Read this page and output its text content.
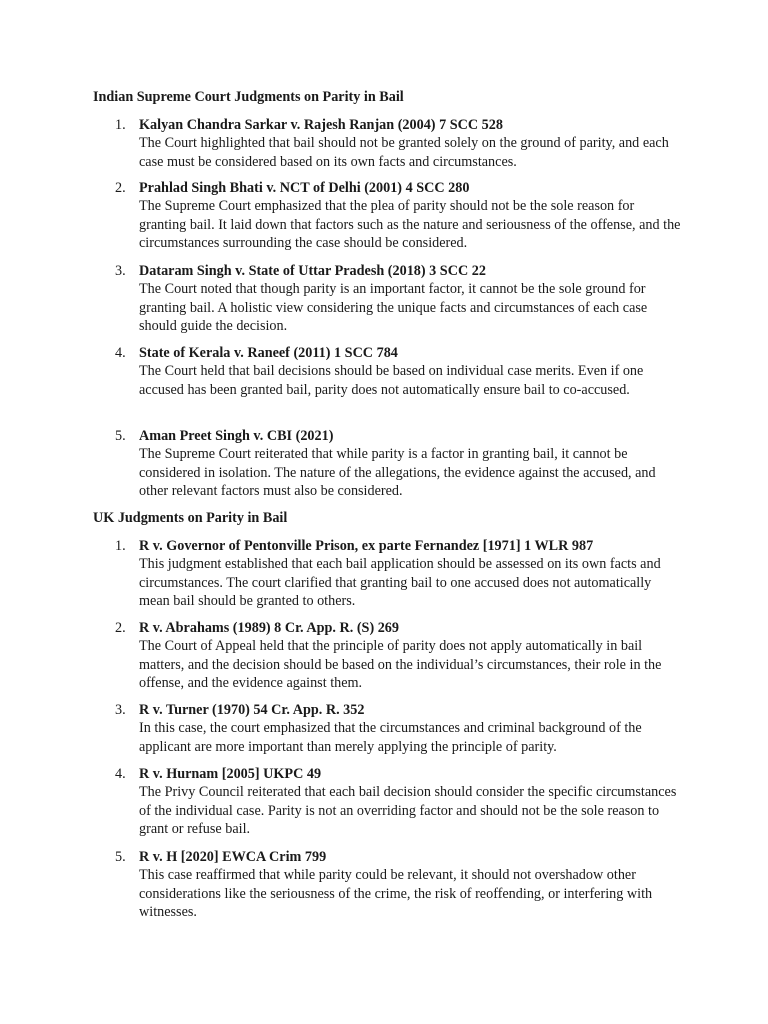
Indian Supreme Court Judgments on Parity in Bail
1. Kalyan Chandra Sarkar v. Rajesh Ranjan (2004) 7 SCC 528
The Court highlighted that bail should not be granted solely on the ground of parity, and each case must be considered based on its own facts and circumstances.
2. Prahlad Singh Bhati v. NCT of Delhi (2001) 4 SCC 280
The Supreme Court emphasized that the plea of parity should not be the sole reason for granting bail. It laid down that factors such as the nature and seriousness of the offense, and the circumstances surrounding the case should be considered.
3. Dataram Singh v. State of Uttar Pradesh (2018) 3 SCC 22
The Court noted that though parity is an important factor, it cannot be the sole ground for granting bail. A holistic view considering the unique facts and circumstances of each case should guide the decision.
4. State of Kerala v. Raneef (2011) 1 SCC 784
The Court held that bail decisions should be based on individual case merits. Even if one accused has been granted bail, parity does not automatically ensure bail to co-accused.
5. Aman Preet Singh v. CBI (2021)
The Supreme Court reiterated that while parity is a factor in granting bail, it cannot be considered in isolation. The nature of the allegations, the evidence against the accused, and other relevant factors must also be considered.
UK Judgments on Parity in Bail
1. R v. Governor of Pentonville Prison, ex parte Fernandez [1971] 1 WLR 987
This judgment established that each bail application should be assessed on its own facts and circumstances. The court clarified that granting bail to one accused does not automatically mean bail should be granted to others.
2. R v. Abrahams (1989) 8 Cr. App. R. (S) 269
The Court of Appeal held that the principle of parity does not apply automatically in bail matters, and the decision should be based on the individual’s circumstances, their role in the offense, and the evidence against them.
3. R v. Turner (1970) 54 Cr. App. R. 352
In this case, the court emphasized that the circumstances and criminal background of the applicant are more important than merely applying the principle of parity.
4. R v. Hurnam [2005] UKPC 49
The Privy Council reiterated that each bail decision should consider the specific circumstances of the individual case. Parity is not an overriding factor and should not be the sole reason to grant or refuse bail.
5. R v. H [2020] EWCA Crim 799
This case reaffirmed that while parity could be relevant, it should not overshadow other considerations like the seriousness of the crime, the risk of reoffending, or interfering with witnesses.
